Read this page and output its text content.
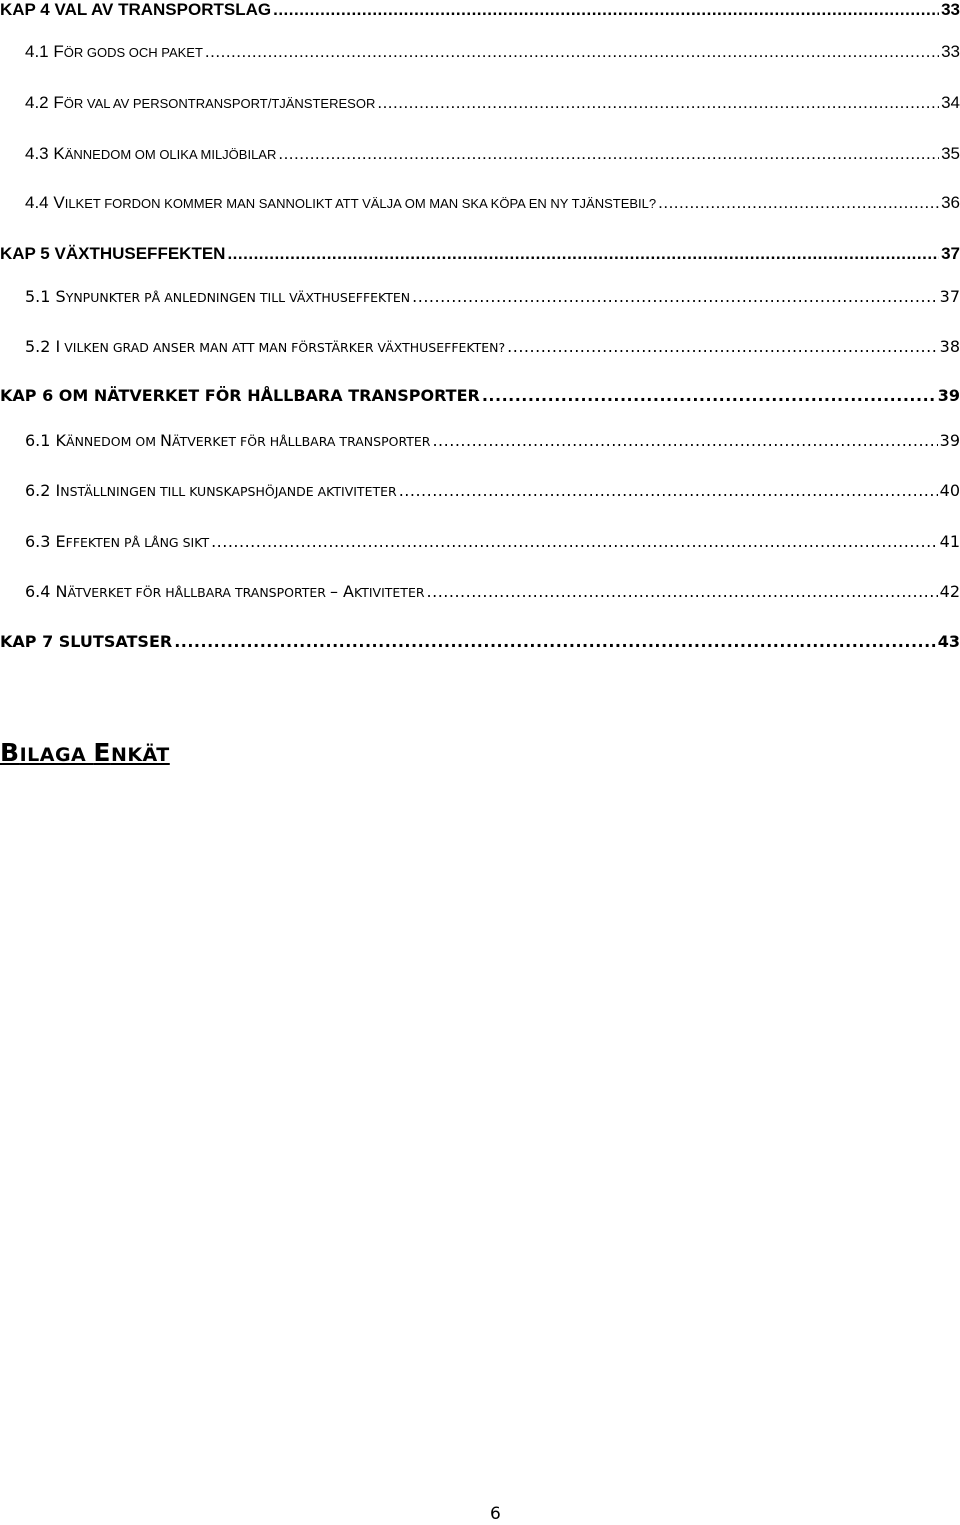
KAP 4 VAL AV TRANSPORTSLAG .....	33
4.1 FÖR GODS OCH PAKET .....	33
4.2 FÖR VAL AV PERSONTRANSPORT/TJÄNSTERESOR .....	34
4.3 KÄNNEDOM OM OLIKA MILJÖBILAR .....	35
4.4 VILKET FORDON KOMMER MAN SANNOLIKT ATT VÄLJA OM MAN SKA KÖPA EN NY TJÄNSTEBIL? .....	36
KAP 5 VÄXTHUSEFFEKTEN .....	37
5.1 SYNPUNKTER PÅ ANLEDNINGEN TILL VÄXTHUSEFFEKTEN .....	37
5.2 I VILKEN GRAD ANSER MAN ATT MAN FÖRSTÄRKER VÄXTHUSEFFEKTEN? .....	38
KAP 6 OM NÄTVERKET FÖR HÅLLBARA TRANSPORTER .....	39
6.1 KÄNNEDOM OM NÄTVERKET FÖR HÅLLBARA TRANSPORTER .....	39
6.2 INSTÄLLNINGEN TILL KUNSKAPSHÖJANDE AKTIVITETER .....	40
6.3 EFFEKTEN PÅ LÅNG SIKT .....	41
6.4 NÄTVERKET FÖR HÅLLBARA TRANSPORTER – AKTIVITETER .....	42
KAP 7 SLUTSATSER .....	43
BILAGA ENKÄT
6
